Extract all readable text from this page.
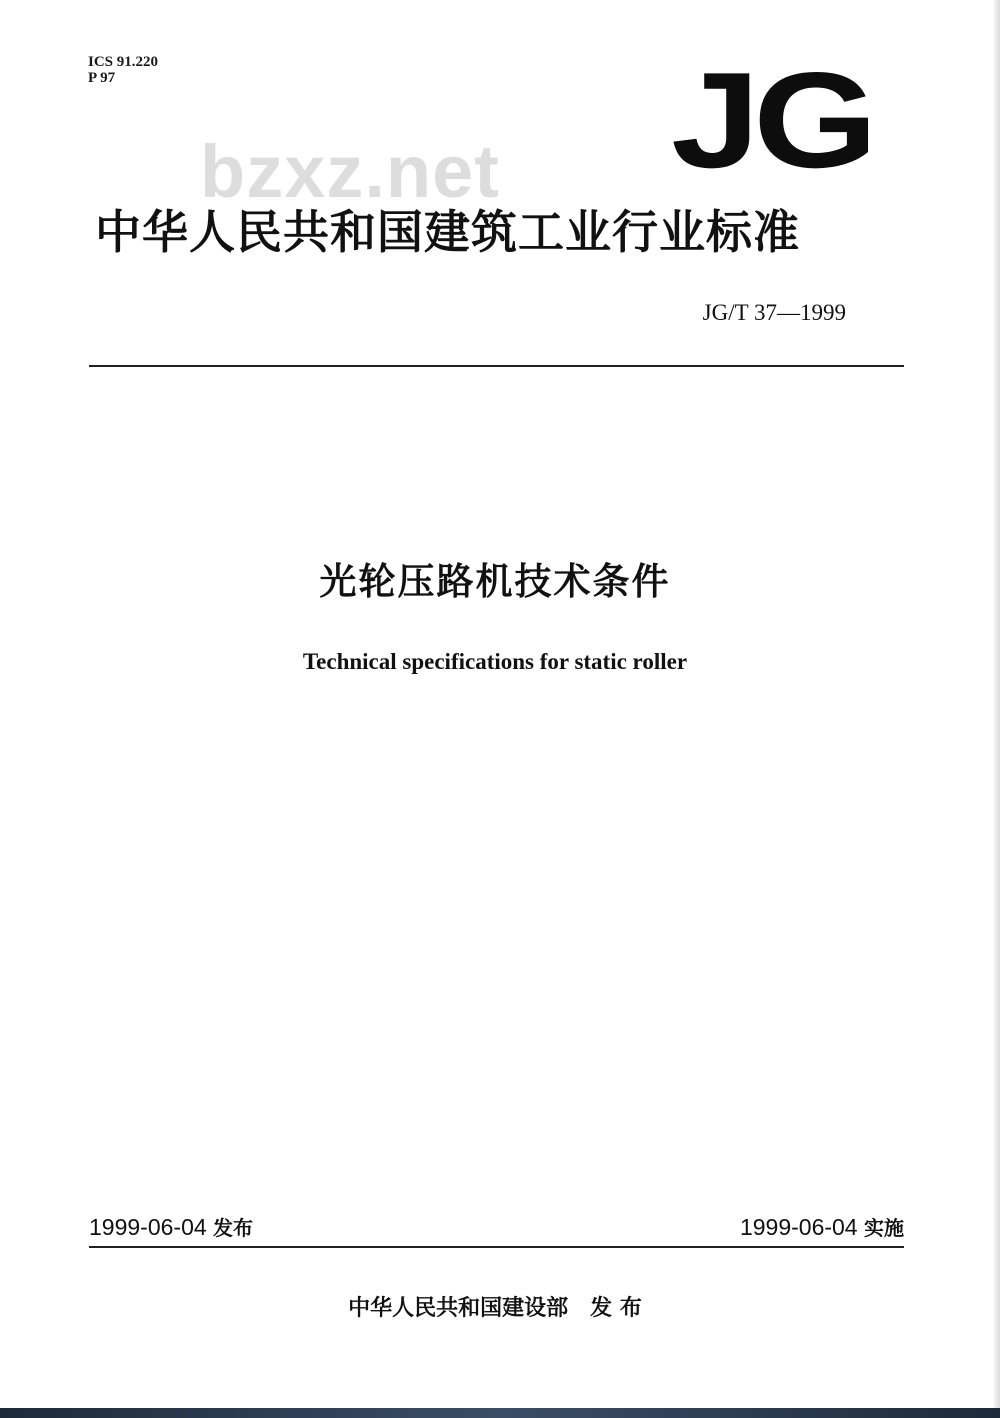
ICS 91.220
P 97	JG
bzxz.net
中华人民共和国建筑工业行业标准
JG/T 37—1999
光轮压路机技术条件
Technical specifications for static roller
1999-06-04 发布	1999-06-04 实施
中华人民共和国建设部 发 布
